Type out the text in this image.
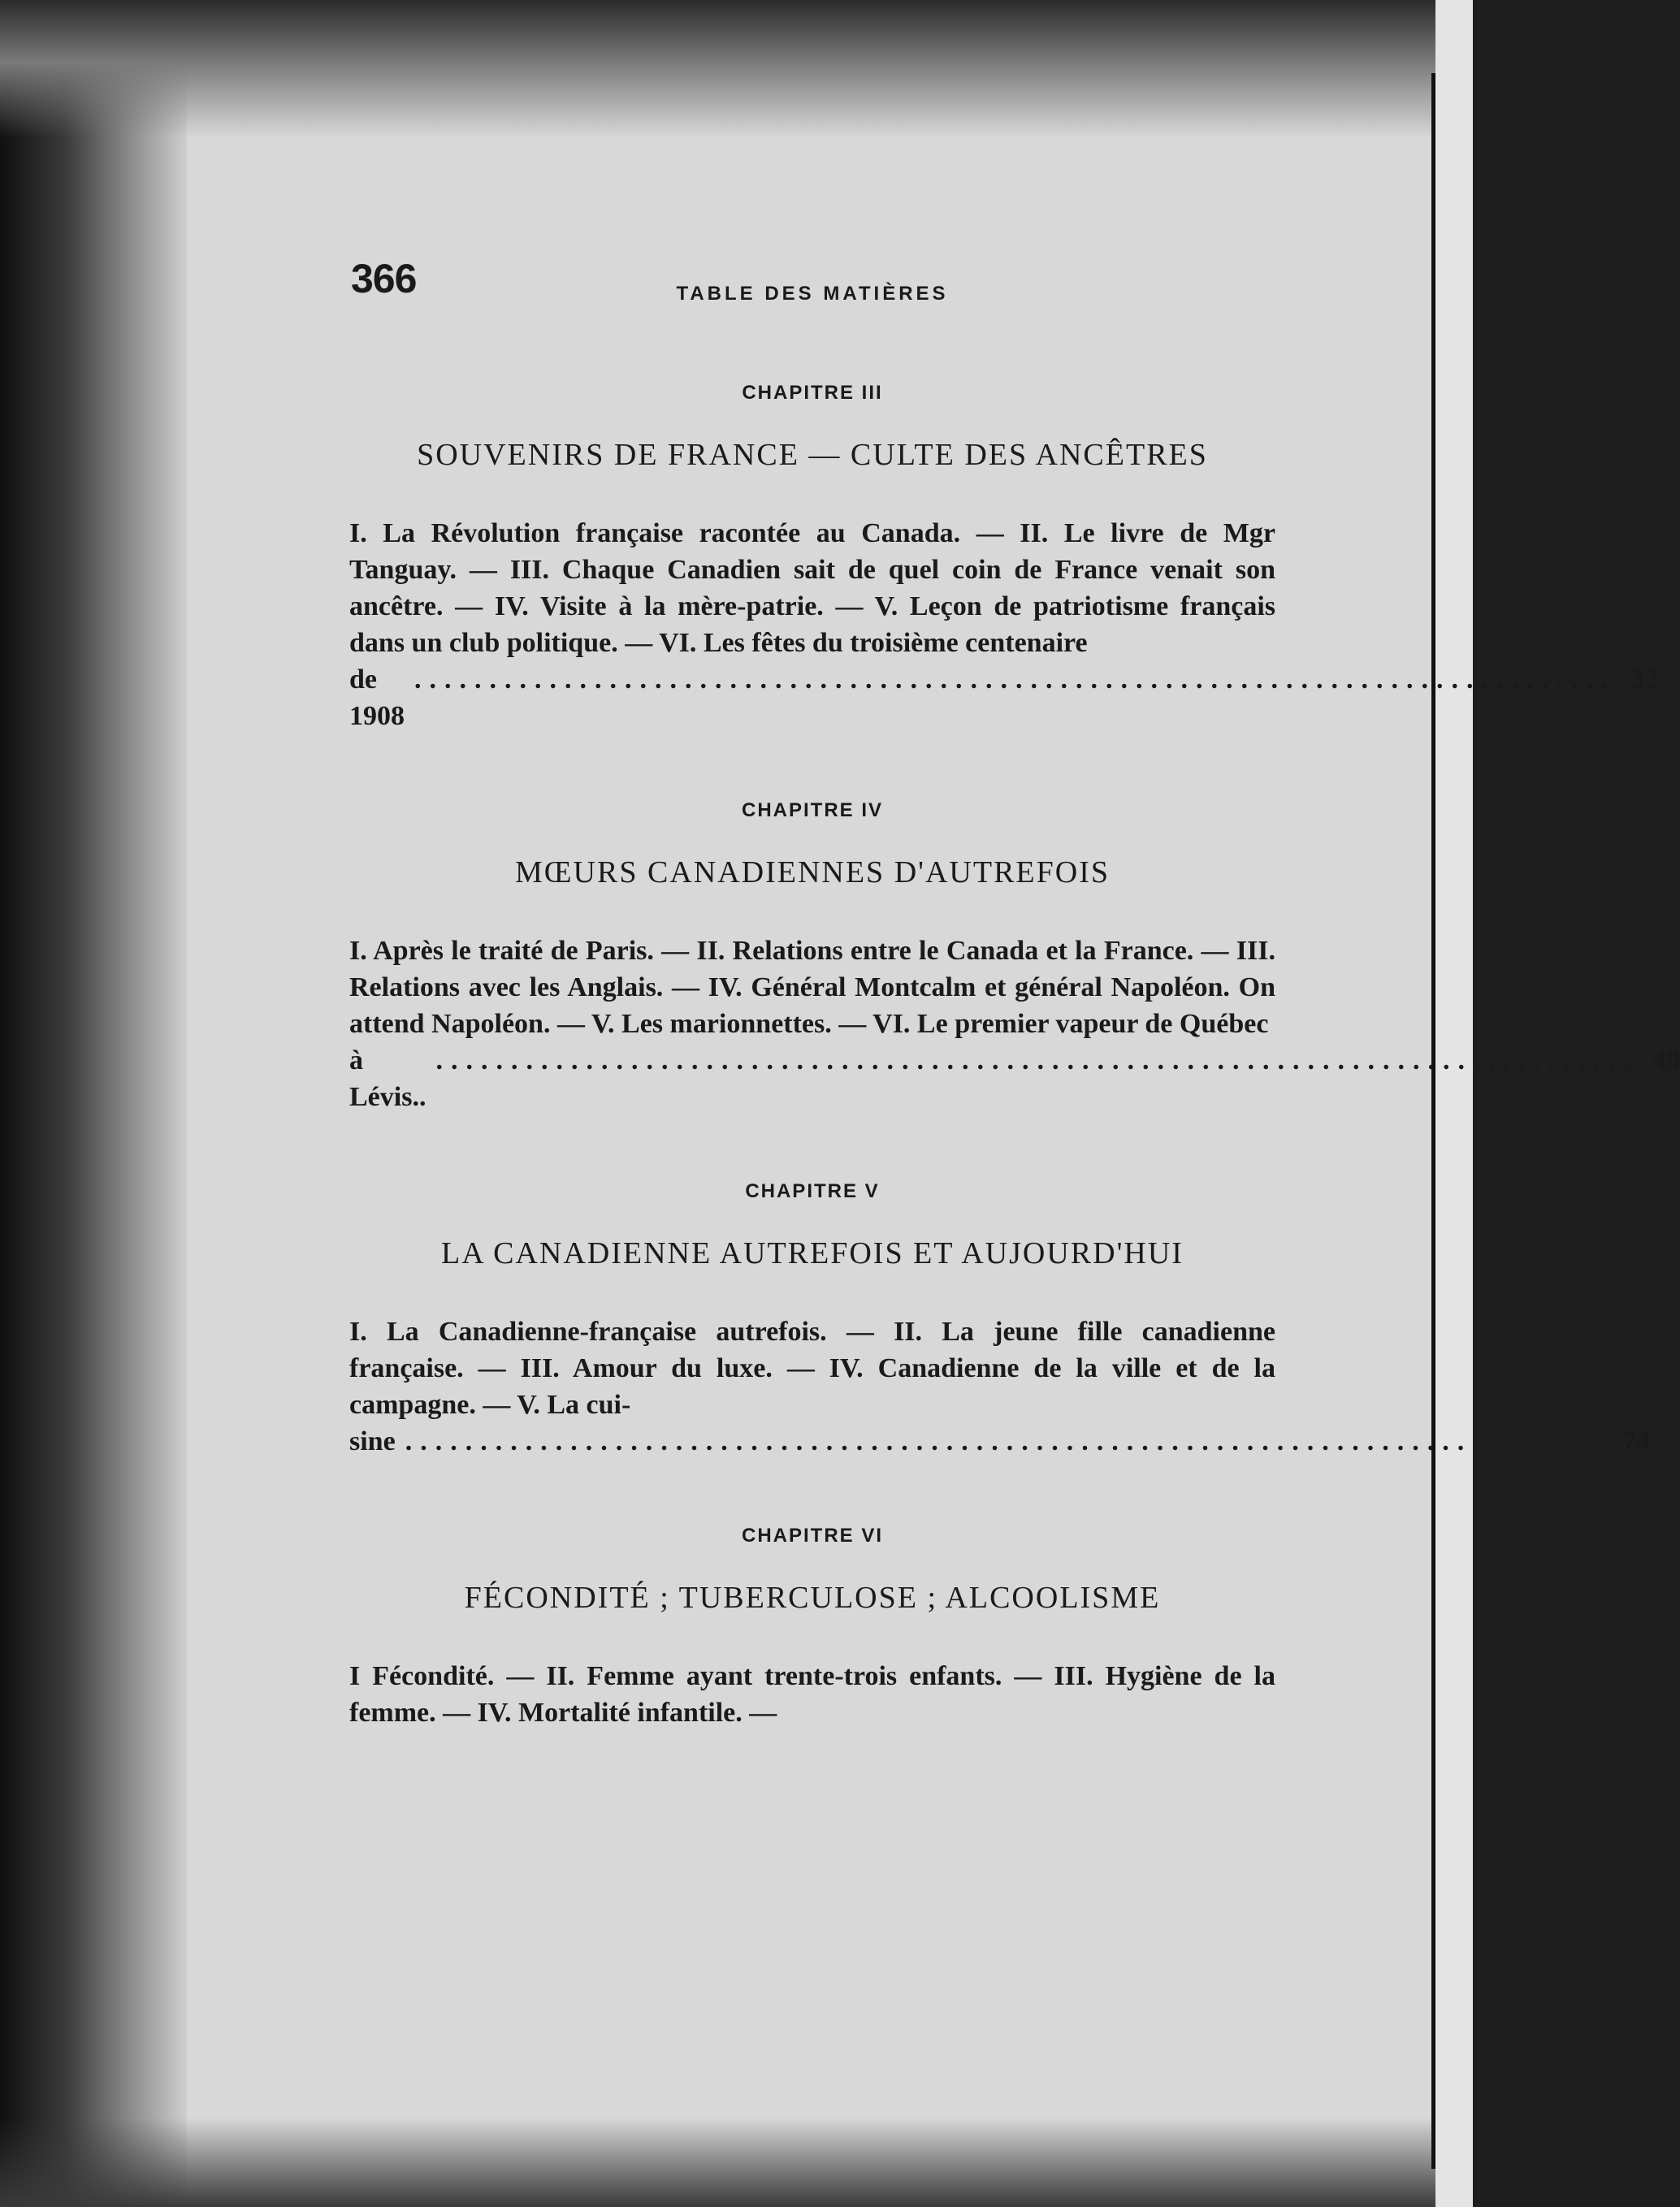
366	TABLE DES MATIÈRES
CHAPITRE III
SOUVENIRS DE FRANCE — CULTE DES ANCÊTRES
I. La Révolution française racontée au Canada. — II. Le livre de Mgr Tanguay. — III. Chaque Canadien sait de quel coin de France venait son ancêtre. — IV. Visite à la mère-patrie. — V. Leçon de patriotisme français dans un club politique. — VI. Les fêtes du troisième centenaire
de 1908
................................................................................ 32
CHAPITRE IV
MŒURS CANADIENNES D'AUTREFOIS
I. Après le traité de Paris. — II. Relations entre le Canada et la France. — III. Relations avec les Anglais. — IV. Général Montcalm et général Napoléon. On attend Napoléon. — V. Les marionnettes. — VI. Le premier vapeur de Québec
à Lévis..
................................................................................ 49
CHAPITRE V
LA CANADIENNE AUTREFOIS ET AUJOURD'HUI
I. La Canadienne-française autrefois. — II. La jeune fille canadienne française. — III. Amour du luxe. — IV. Canadienne de la ville et de la campagne. — V. La cui-
sine ................................................................................ 74
CHAPITRE VI
FÉCONDITÉ ; TUBERCULOSE ; ALCOOLISME
I Fécondité. — II. Femme ayant trente-trois enfants. — III. Hygiène de la femme. — IV. Mortalité infantile. —
